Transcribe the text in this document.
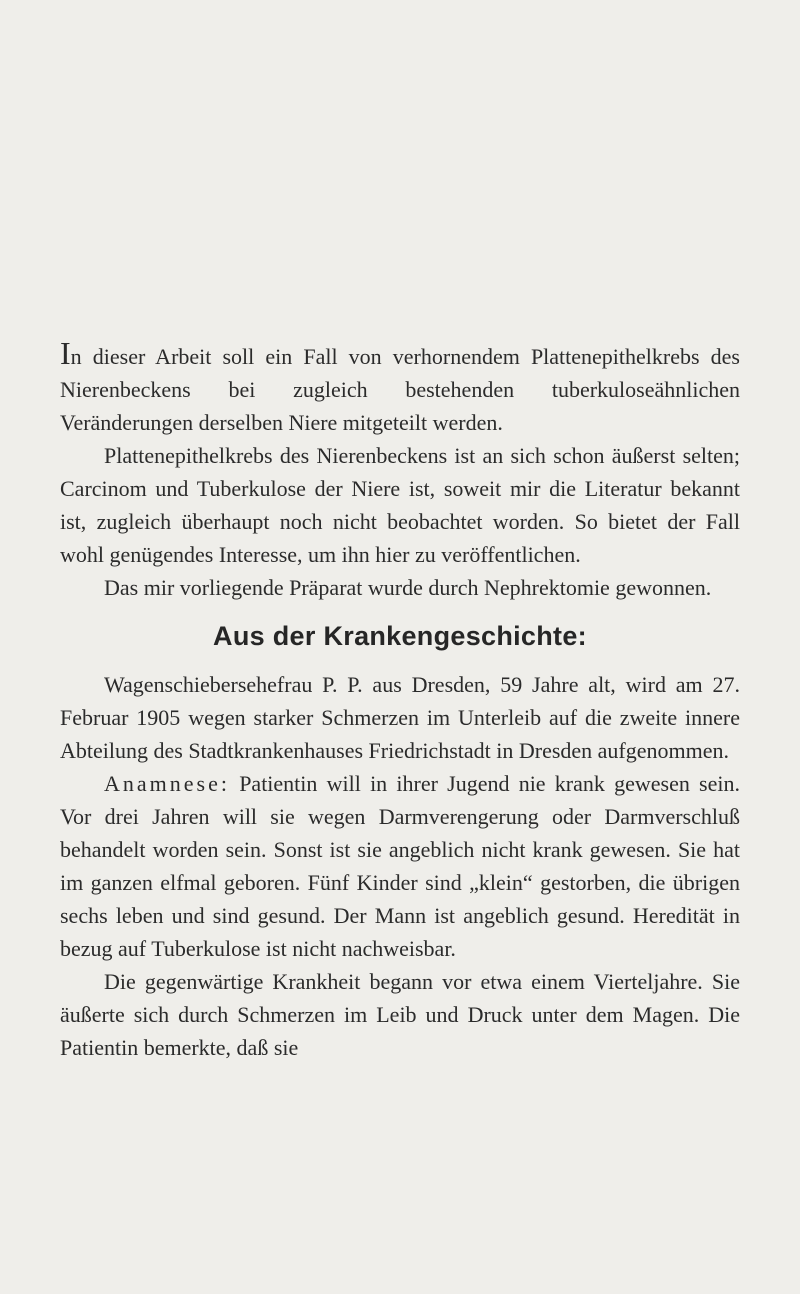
In dieser Arbeit soll ein Fall von verhornendem Plattenepithelkrebs des Nierenbeckens bei zugleich bestehenden tuberkuloseähnlichen Veränderungen derselben Niere mitgeteilt werden.

Plattenepithelkrebs des Nierenbeckens ist an sich schon äußerst selten; Carcinom und Tuberkulose der Niere ist, soweit mir die Literatur bekannt ist, zugleich überhaupt noch nicht beobachtet worden. So bietet der Fall wohl genügendes Interesse, um ihn hier zu veröffentlichen.

Das mir vorliegende Präparat wurde durch Nephrektomie gewonnen.

Aus der Krankengeschichte:

Wagenschiebersehefrau P. P. aus Dresden, 59 Jahre alt, wird am 27. Februar 1905 wegen starker Schmerzen im Unterleib auf die zweite innere Abteilung des Stadtkrankenhauses Friedrichstadt in Dresden aufgenommen.

Anamnese: Patientin will in ihrer Jugend nie krank gewesen sein. Vor drei Jahren will sie wegen Darmverengerung oder Darmverschluß behandelt worden sein. Sonst ist sie angeblich nicht krank gewesen. Sie hat im ganzen elfmal geboren. Fünf Kinder sind „klein“ gestorben, die übrigen sechs leben und sind gesund. Der Mann ist angeblich gesund. Heredität in bezug auf Tuberkulose ist nicht nachweisbar.

Die gegenwärtige Krankheit begann vor etwa einem Vierteljahre. Sie äußerte sich durch Schmerzen im Leib und Druck unter dem Magen. Die Patientin bemerkte, daß sie
